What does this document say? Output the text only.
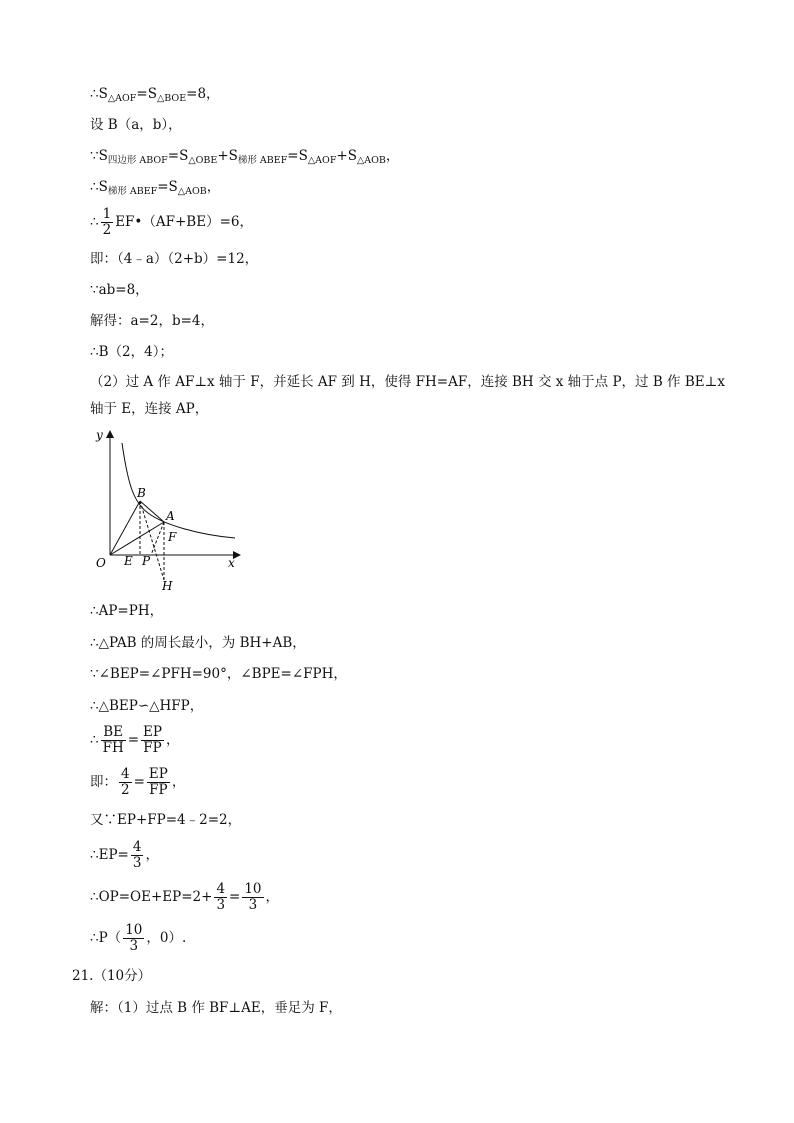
$\therefore S_{\triangle AOF}=S_{\triangle BOE}=8$，
设 B（a，b），
$\because S_{四边形 ABOF}=S_{\triangle OBE}+S_{梯形 ABEF}=S_{\triangle AOF}+S_{\triangle AOB}$，
$\therefore S_{梯形 ABEF}=S_{\triangle AOB}$，
∴ $\frac{1}{2}$ EF•（AF+BE）=6，
即：（4﹣a）（2+b）=12，
∵ab=8，
解得：a=2，b=4，
∴B（2，4）；
（2）过 A 作 AF⊥x 轴于 F，并延长 AF 到 H，使得 FH=AF，连接 BH 交 x 轴于点 P，过 B 作 BE⊥x 轴于 E，连接 AP，
y
x
O
B
A
F
E P
H
∴AP=PH，
∴△PAB 的周长最小，为 BH+AB，
∵∠BEP=∠PFH=90°，∠BPE=∠FPH，
∴△BEP∽△HFP，
∴ $\frac{BE}{FH} = \frac{EP}{FP}$ ，
即： $\frac{4}{2} = \frac{EP}{FP}$ ，
又∵EP+FP=4﹣2=2，
∴EP= $\frac{4}{3}$ ，
∴OP=OE+EP=2+ $\frac{4}{3} = \frac{10}{3}$ ，
∴P（ $\frac{10}{3}$ ，0）.
21.（10分）
解：（1）过点 B 作 BF⊥AE，垂足为 F，
